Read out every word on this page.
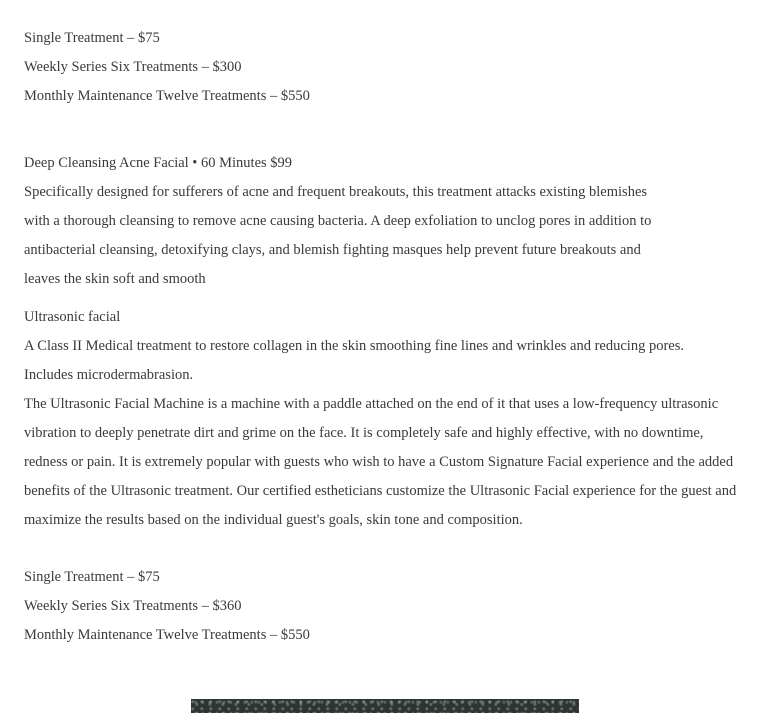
Single Treatment – $75
Weekly Series Six Treatments – $300
Monthly Maintenance Twelve Treatments – $550
Deep Cleansing Acne Facial • 60 Minutes $99
Specifically designed for sufferers of acne and frequent breakouts, this treatment attacks existing blemishes
with a thorough cleansing to remove acne causing bacteria. A deep exfoliation to unclog pores in addition to
antibacterial cleansing, detoxifying clays, and blemish fighting masques help prevent future breakouts and
leaves the skin soft and smooth
Ultrasonic facial
A Class II Medical treatment to restore collagen in the skin smoothing fine lines and wrinkles and reducing pores.
Includes microdermabrasion.
The Ultrasonic Facial Machine is a machine with a paddle attached on the end of it that uses a low-frequency ultrasonic
vibration to deeply penetrate dirt and grime on the face. It is completely safe and highly effective, with no downtime,
redness or pain. It is extremely popular with guests who wish to have a Custom Signature Facial experience and the added
benefits of the Ultrasonic treatment. Our certified estheticians customize the Ultrasonic Facial experience for the guest and
maximize the results based on the individual guest's goals, skin tone and composition.
Single Treatment – $75
Weekly Series Six Treatments – $360
Monthly Maintenance Twelve Treatments – $550
